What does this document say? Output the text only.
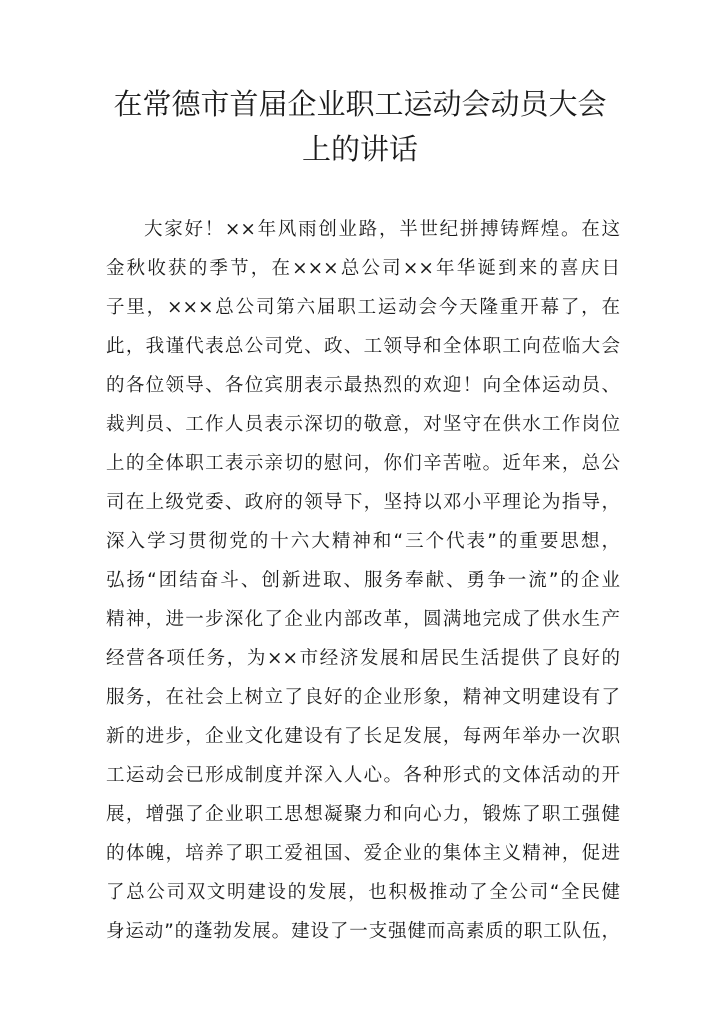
在常德市首届企业职工运动会动员大会
上的讲话
大家好！××年风雨创业路，半世纪拼搏铸辉煌。在这
金秋收获的季节，在×××总公司××年华诞到来的喜庆日
子里，×××总公司第六届职工运动会今天隆重开幕了，在
此，我谨代表总公司党、政、工领导和全体职工向莅临大会
的各位领导、各位宾朋表示最热烈的欢迎！向全体运动员、
裁判员、工作人员表示深切的敬意，对坚守在供水工作岗位
上的全体职工表示亲切的慰问，你们辛苦啦。近年来，总公
司在上级党委、政府的领导下，坚持以邓小平理论为指导，
深入学习贯彻党的十六大精神和“三个代表”的重要思想，
弘扬“团结奋斗、创新进取、服务奉献、勇争一流”的企业
精神，进一步深化了企业内部改革，圆满地完成了供水生产
经营各项任务，为××市经济发展和居民生活提供了良好的
服务，在社会上树立了良好的企业形象，精神文明建设有了
新的进步，企业文化建设有了长足发展，每两年举办一次职
工运动会已形成制度并深入人心。各种形式的文体活动的开
展，增强了企业职工思想凝聚力和向心力，锻炼了职工强健
的体魄，培养了职工爱祖国、爱企业的集体主义精神，促进
了总公司双文明建设的发展，也积极推动了全公司“全民健
身运动”的蓬勃发展。建设了一支强健而高素质的职工队伍，
